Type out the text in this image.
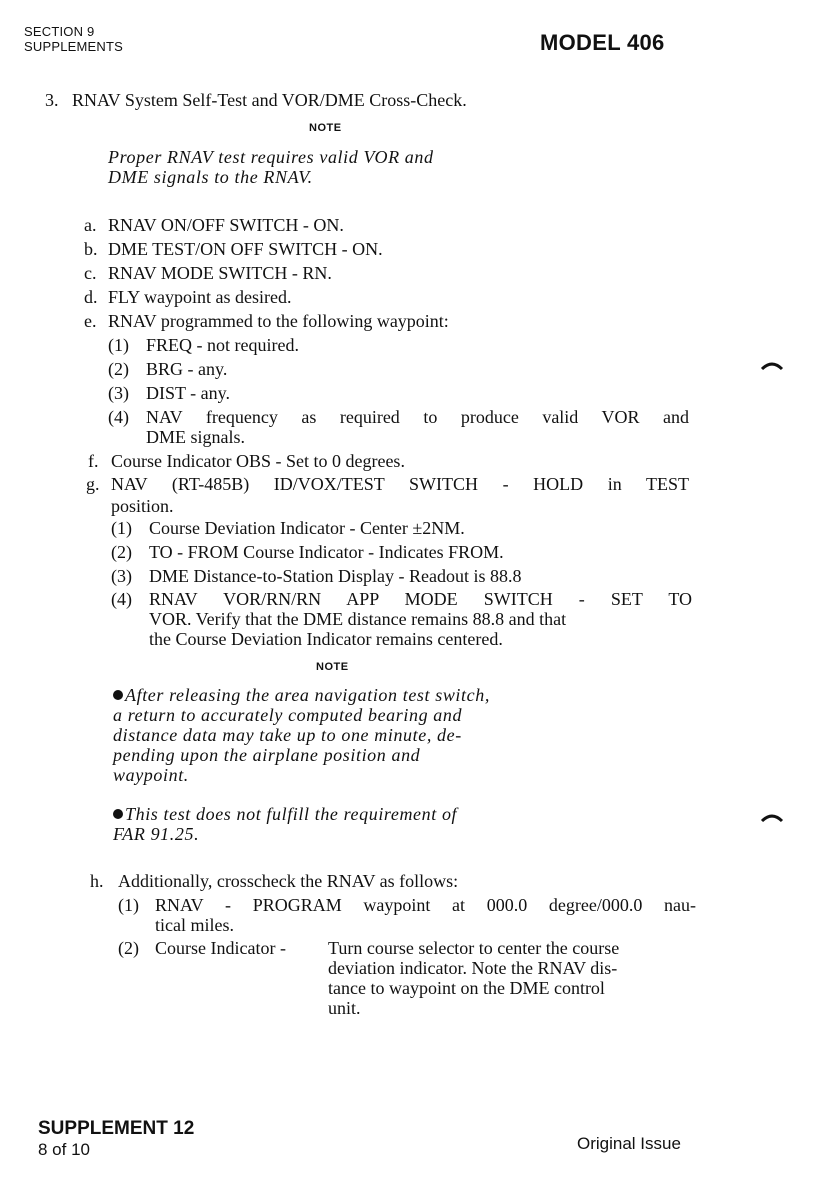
SECTION 9
SUPPLEMENTS	MODEL 406
3. RNAV System Self-Test and VOR/DME Cross-Check.
NOTE
Proper RNAV test requires valid VOR and
DME signals to the RNAV.
a. RNAV ON/OFF SWITCH - ON.
b. DME TEST/ON OFF SWITCH - ON.
c. RNAV MODE SWITCH - RN.
d. FLY waypoint as desired.
e. RNAV programmed to the following waypoint:
(1) FREQ - not required.
(2) BRG - any.
(3) DIST - any.
(4) NAV frequency as required to produce valid VOR and
DME signals.
f. Course Indicator OBS - Set to 0 degrees.
g. NAV (RT-485B) ID/VOX/TEST SWITCH - HOLD in TEST
position.
(1) Course Deviation Indicator - Center ±2NM.
(2) TO - FROM Course Indicator - Indicates FROM.
(3) DME Distance-to-Station Display - Readout is 88.8
(4) RNAV VOR/RN/RN APP MODE SWITCH - SET TO
VOR. Verify that the DME distance remains 88.8 and that
the Course Deviation Indicator remains centered.
NOTE
After releasing the area navigation test switch,
a return to accurately computed bearing and
distance data may take up to one minute, de-
pending upon the airplane position and
waypoint.
This test does not fulfill the requirement of
FAR 91.25.
h. Additionally, crosscheck the RNAV as follows:
(1) RNAV - PROGRAM waypoint at 000.0 degree/000.0 nau-
tical miles.
(2) Course Indicator - Turn course selector to center the course
deviation indicator. Note the RNAV dis-
tance to waypoint on the DME control
unit.
SUPPLEMENT 12
8 of 10	Original Issue
